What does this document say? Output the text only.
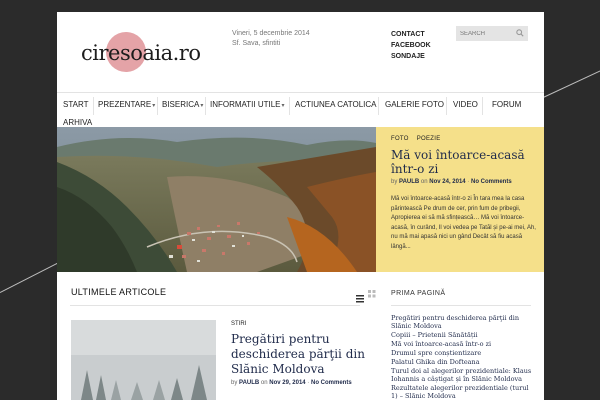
ciresoaia.ro
Vineri, 5 decembrie 2014
Sf. Sava, sfintiti
CONTACT
FACEBOOK
SONDAJE
SEARCH
START PREZENTARE▾ BISERICA▾ INFORMATII UTILE▾ ACTIUNEA CATOLICA GALERIE FOTO VIDEO FORUM
ARHIVA
FOTO POEZIE
Mă voi întoarce-acasă într-o zi
by PAULB on Nov 24, 2014 · No Comments
Mă voi întoarce-acasă într-o zi În tara mea la casa părintească Pe drum de cer, prin fum de pribegii, Apropierea ei să mă sfințească… Mă voi întoarce-acasă, în curând, Il voi vedea pe Tatăl și pe-ai mei, Ah, nu mă mai apasă nici un gând Decât să fiu acasă lângă...
ULTIMELE ARTICOLE
STIRI
Pregătiri pentru deschiderea părţii din Slănic Moldova
by PAULB on Nov 29, 2014 · No Comments
PRIMA PAGINĂ
Pregătiri pentru deschiderea părţii din Slănic Moldova
Copiii – Prietenii Sănătății
Mă voi întoarce-acasă într-o zi
Drumul spre conștientizare
Palatul Ghika din Dofteana
Turul doi al alegerilor prezidentiale: Klaus Iohannis a câștigat și în Slănic Moldova
Rezultatele alegerilor prezidentiale (turul 1) – Slănic Moldova
